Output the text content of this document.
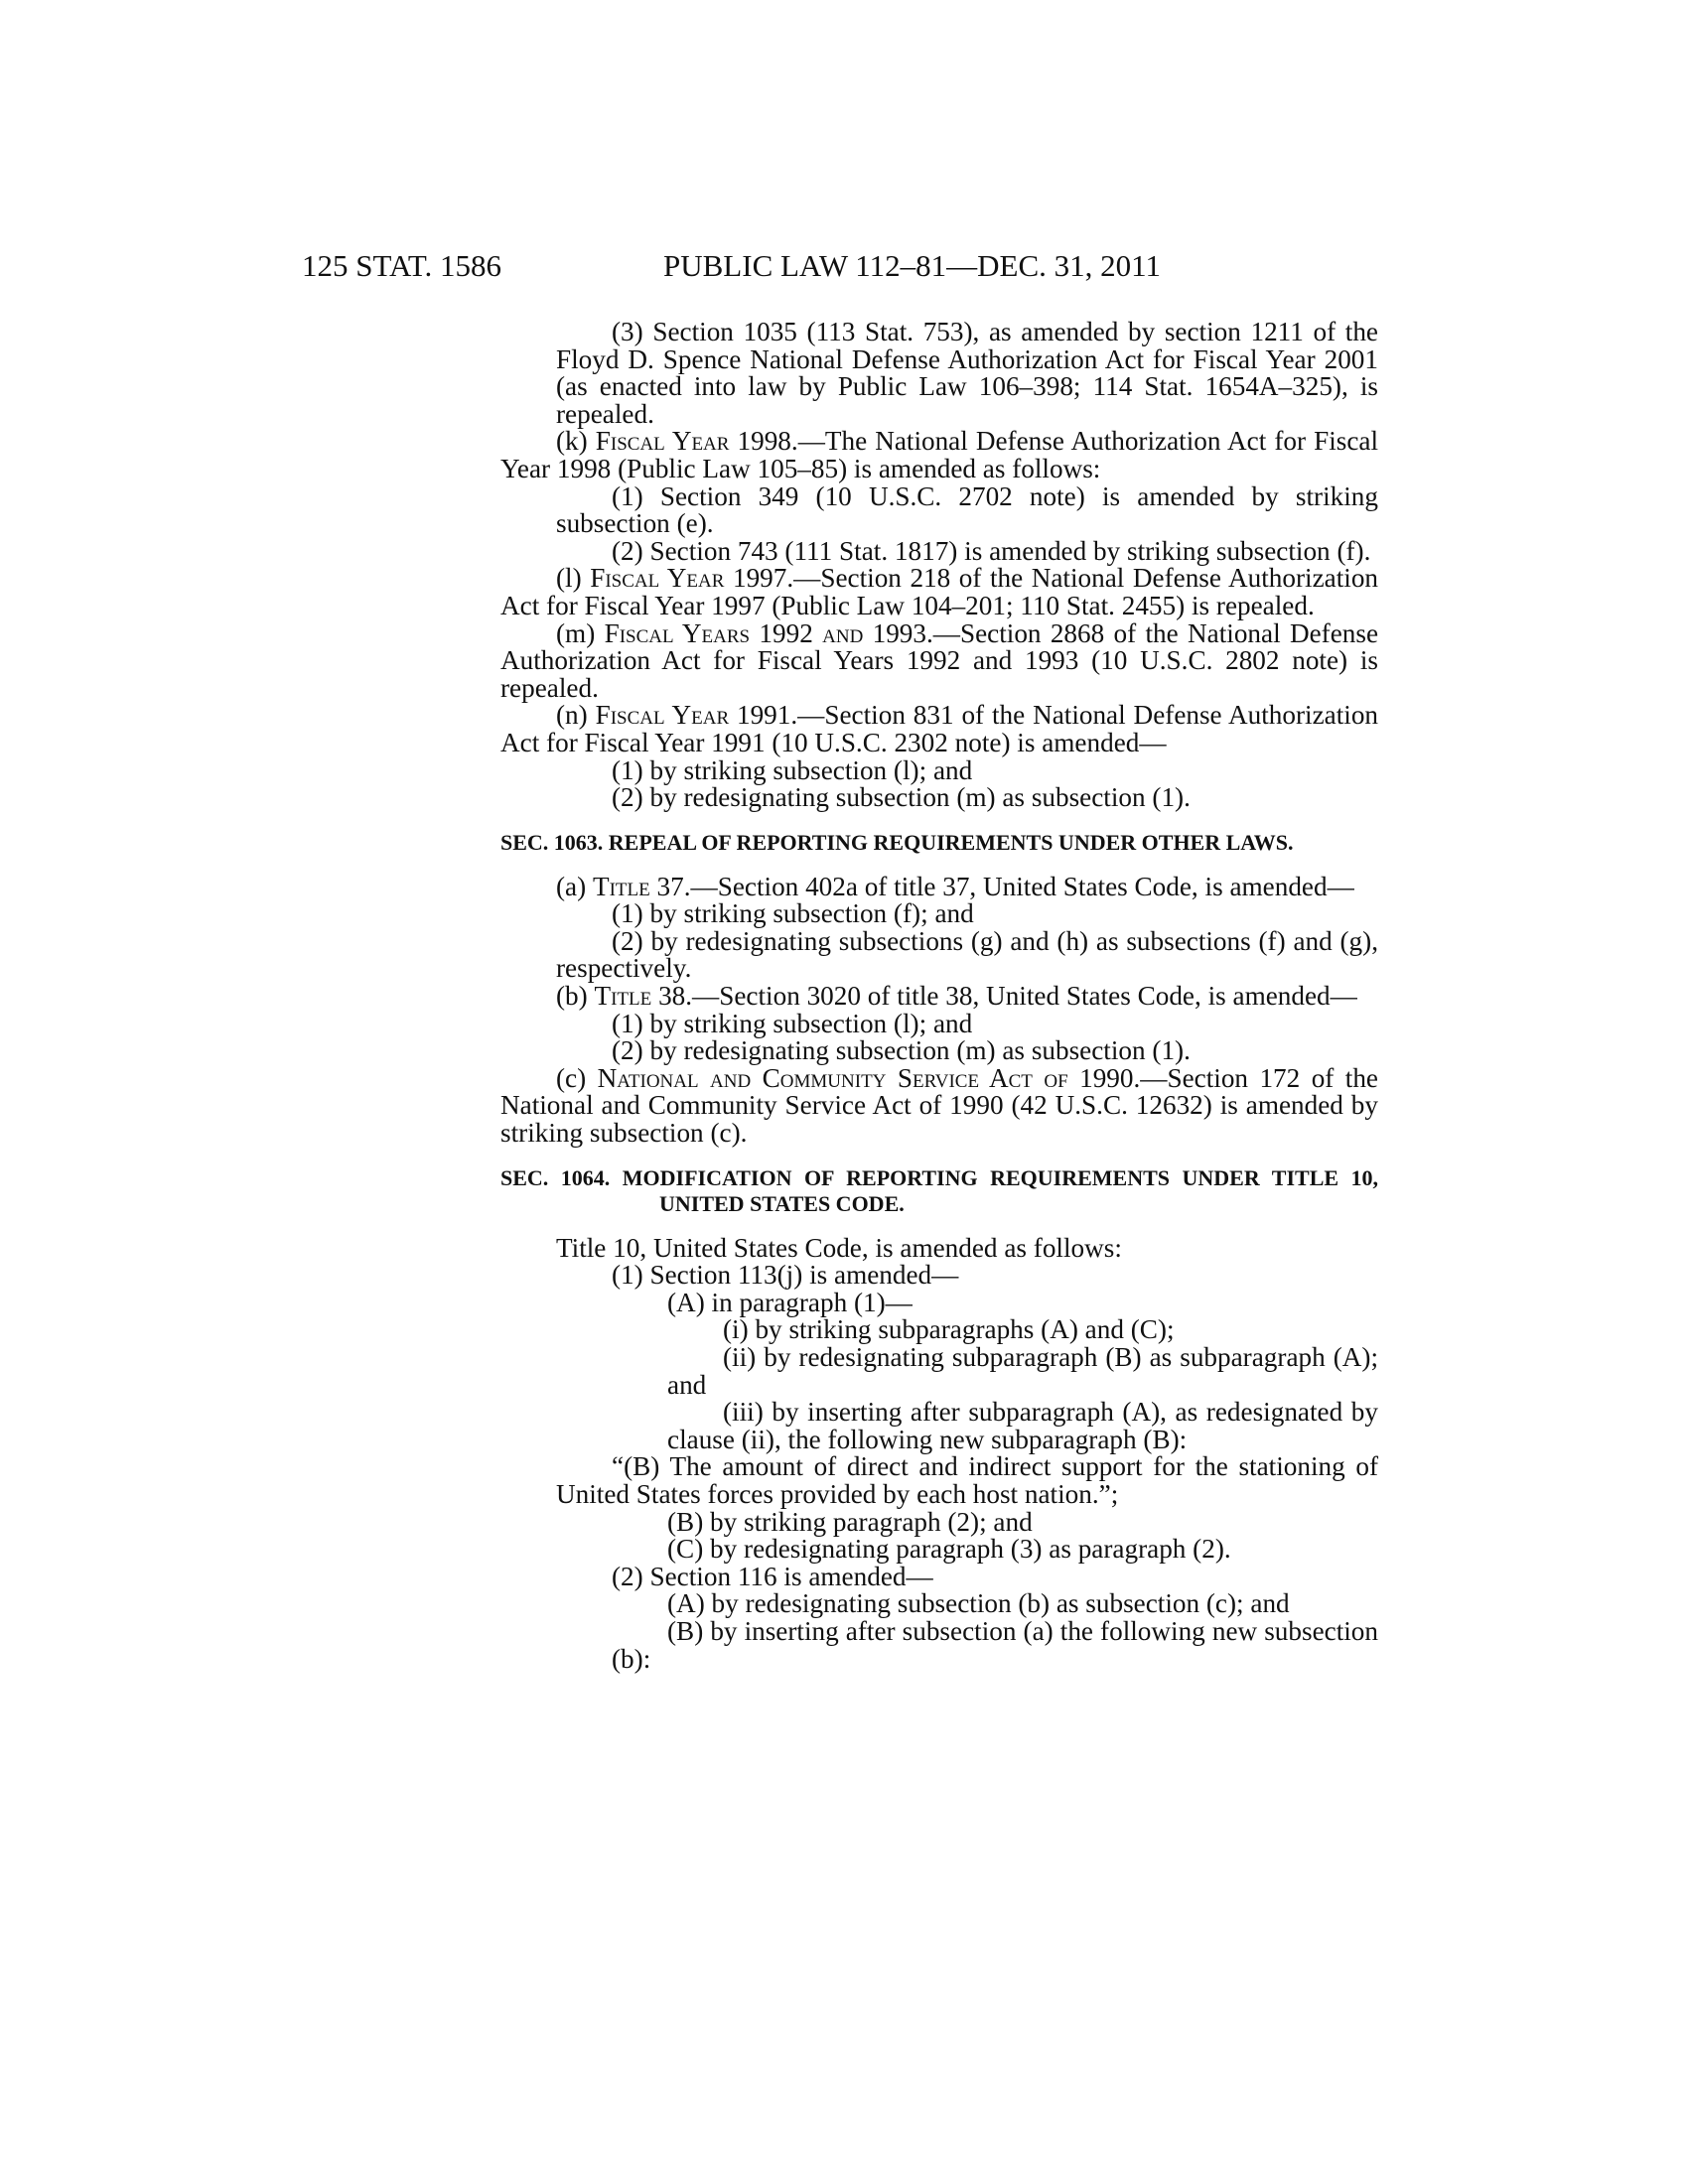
125 STAT. 1586	PUBLIC LAW 112–81—DEC. 31, 2011

(3) Section 1035 (113 Stat. 753), as amended by section 1211 of the Floyd D. Spence National Defense Authorization Act for Fiscal Year 2001 (as enacted into law by Public Law 106–398; 114 Stat. 1654A–325), is repealed.

(k) Fiscal Year 1998.—The National Defense Authorization Act for Fiscal Year 1998 (Public Law 105–85) is amended as follows:

(1) Section 349 (10 U.S.C. 2702 note) is amended by striking subsection (e).

(2) Section 743 (111 Stat. 1817) is amended by striking subsection (f).

(l) Fiscal Year 1997.—Section 218 of the National Defense Authorization Act for Fiscal Year 1997 (Public Law 104–201; 110 Stat. 2455) is repealed.

(m) Fiscal Years 1992 and 1993.—Section 2868 of the National Defense Authorization Act for Fiscal Years 1992 and 1993 (10 U.S.C. 2802 note) is repealed.

(n) Fiscal Year 1991.—Section 831 of the National Defense Authorization Act for Fiscal Year 1991 (10 U.S.C. 2302 note) is amended—

(1) by striking subsection (l); and

(2) by redesignating subsection (m) as subsection (1).

SEC. 1063. REPEAL OF REPORTING REQUIREMENTS UNDER OTHER LAWS.

(a) Title 37.—Section 402a of title 37, United States Code, is amended—

(1) by striking subsection (f); and

(2) by redesignating subsections (g) and (h) as subsections (f) and (g), respectively.

(b) Title 38.—Section 3020 of title 38, United States Code, is amended—

(1) by striking subsection (l); and

(2) by redesignating subsection (m) as subsection (1).

(c) National and Community Service Act of 1990.—Section 172 of the National and Community Service Act of 1990 (42 U.S.C. 12632) is amended by striking subsection (c).

SEC. 1064. MODIFICATION OF REPORTING REQUIREMENTS UNDER TITLE 10, UNITED STATES CODE.

Title 10, United States Code, is amended as follows:

(1) Section 113(j) is amended—

(A) in paragraph (1)—

(i) by striking subparagraphs (A) and (C);

(ii) by redesignating subparagraph (B) as subparagraph (A); and

(iii) by inserting after subparagraph (A), as redesignated by clause (ii), the following new subparagraph (B):

“(B) The amount of direct and indirect support for the stationing of United States forces provided by each host nation.”;

(B) by striking paragraph (2); and

(C) by redesignating paragraph (3) as paragraph (2).

(2) Section 116 is amended—

(A) by redesignating subsection (b) as subsection (c); and

(B) by inserting after subsection (a) the following new subsection (b):
